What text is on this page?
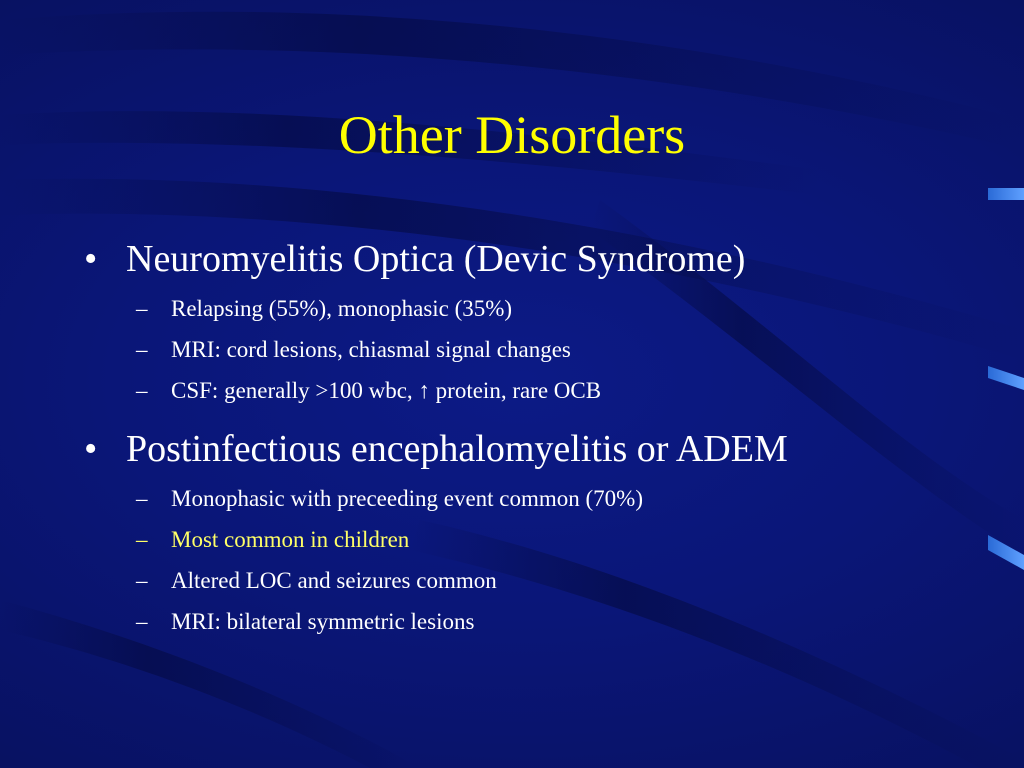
Other Disorders
• Neuromyelitis Optica (Devic Syndrome)
– Relapsing (55%), monophasic (35%)
– MRI: cord lesions, chiasmal signal changes
– CSF: generally >100 wbc, ↑ protein, rare OCB
• Postinfectious encephalomyelitis or ADEM
– Monophasic with preceeding event common (70%)
– Most common in children
– Altered LOC and seizures common
– MRI: bilateral symmetric lesions
